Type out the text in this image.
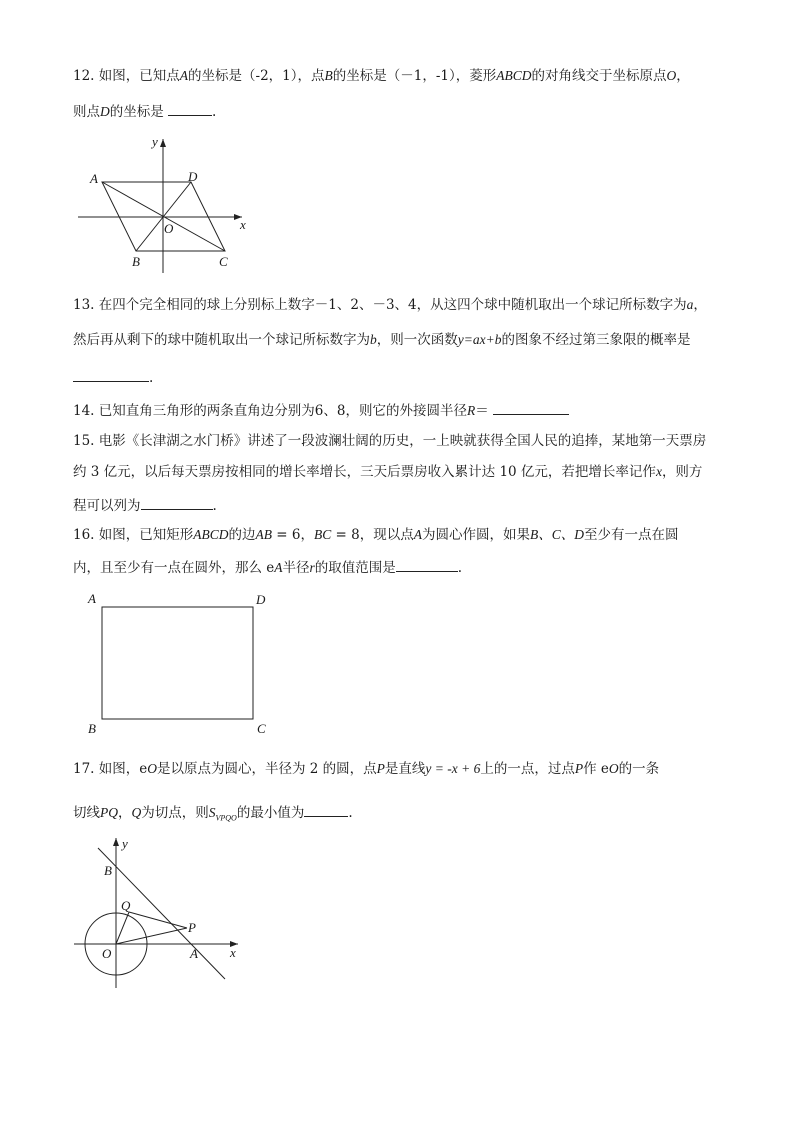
12. 如图，已知点A的坐标是（-2，1），点B的坐标是（－1，-1），菱形ABCD的对角线交于坐标原点O，
则点D的坐标是	.
y
x
A	D
O
B	C
13. 在四个完全相同的球上分别标上数字－1、2、－3、4，从这四个球中随机取出一个球记所标数字为a，
然后再从剩下的球中随机取出一个球记所标数字为b，则一次函数y=ax+b的图象不经过第三象限的概率是
.
14. 已知直角三角形的两条直角边分别为6、8，则它的外接圆半径R＝
15. 电影《长津湖之水门桥》讲述了一段波澜壮阔的历史，一上映就获得全国人民的追捧，某地第一天票房
约 3 亿元，以后每天票房按相同的增长率增长，三天后票房收入累计达 10 亿元，若把增长率记作x，则方
程可以列为	.
16. 如图，已知矩形ABCD的边AB = 6，BC = 8，现以点A为圆心作圆，如果B、C、D至少有一点在圆
内，且至少有一点在圆外，那么 eA半径r的取值范围是	.
A	D
B	C
17. 如图，eO是以原点为圆心，半径为 2 的圆，点P是直线y = -x + 6上的一点，过点P作 eO的一条
切线PQ，Q为切点，则$S_{VPQO}$的最小值为	.
y
x
B
Q
P
O	A
